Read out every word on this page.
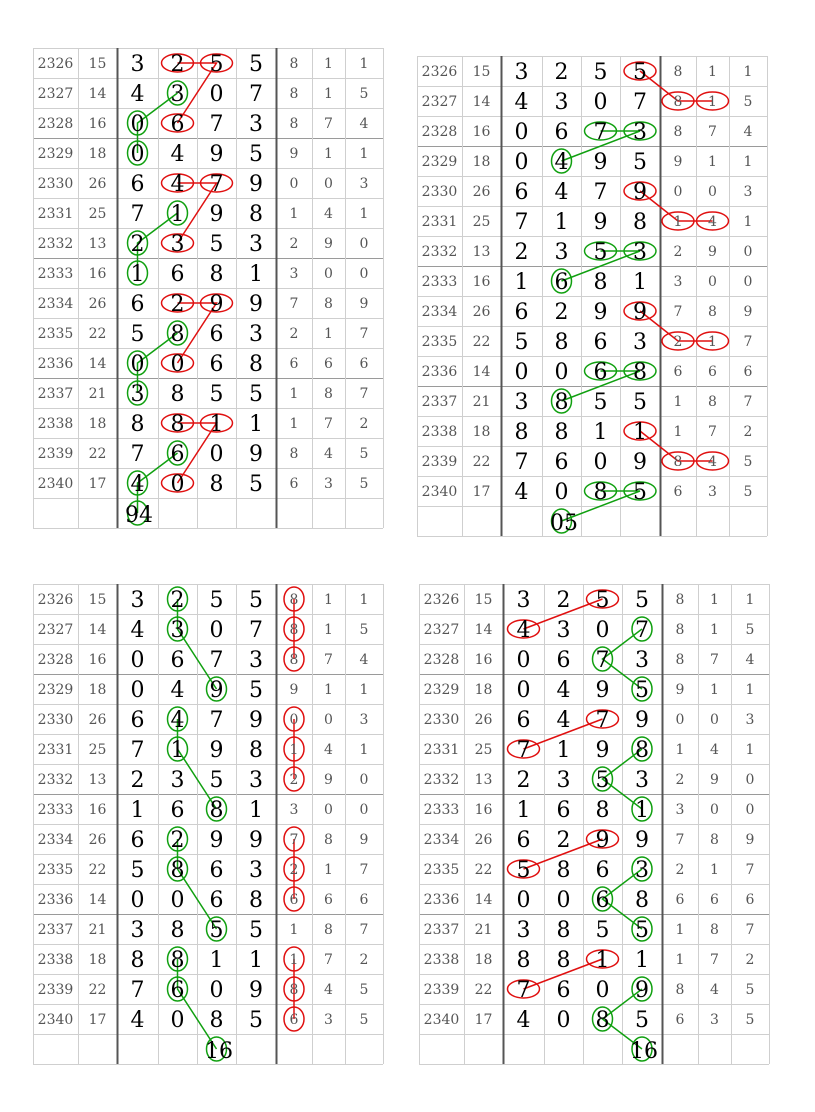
2326 15 3 2 5 5 8 1 1
2327 14 4 3 0 7 8 1 5
2328 16 0 6 7 3 8 7 4
2329 18 0 4 9 5 9 1 1
2330 26 6 4 7 9 0 0 3
2331 25 7 1 9 8 1 4 1
2332 13 2 3 5 3 2 9 0
2333 16 1 6 8 1 3 0 0
2334 26 6 2 9 9 7 8 9
2335 22 5 8 6 3 2 1 7
2336 14 0 0 6 8 6 6 6
2337 21 3 8 5 5 1 8 7
2338 18 8 8 1 1 1 7 2
2339 22 7 6 0 9 8 4 5
2340 17 4 0 8 5 6 3 5
94
2326 15 3 2 5 5 8 1 1
2327 14 4 3 0 7 8 1 5
2328 16 0 6 7 3 8 7 4
2329 18 0 4 9 5 9 1 1
2330 26 6 4 7 9 0 0 3
2331 25 7 1 9 8 1 4 1
2332 13 2 3 5 3 2 9 0
2333 16 1 6 8 1 3 0 0
2334 26 6 2 9 9 7 8 9
2335 22 5 8 6 3 2 1 7
2336 14 0 0 6 8 6 6 6
2337 21 3 8 5 5 1 8 7
2338 18 8 8 1 1 1 7 2
2339 22 7 6 0 9 8 4 5
2340 17 4 0 8 5 6 3 5
05
2326 15 3 2 5 5 8 1 1
2327 14 4 3 0 7 8 1 5
2328 16 0 6 7 3 8 7 4
2329 18 0 4 9 5 9 1 1
2330 26 6 4 7 9 0 0 3
2331 25 7 1 9 8 1 4 1
2332 13 2 3 5 3 2 9 0
2333 16 1 6 8 1 3 0 0
2334 26 6 2 9 9 7 8 9
2335 22 5 8 6 3 2 1 7
2336 14 0 0 6 8 6 6 6
2337 21 3 8 5 5 1 8 7
2338 18 8 8 1 1 1 7 2
2339 22 7 6 0 9 8 4 5
2340 17 4 0 8 5 6 3 5
16
2326 15 3 2 5 5 8 1 1
2327 14 4 3 0 7 8 1 5
2328 16 0 6 7 3 8 7 4
2329 18 0 4 9 5 9 1 1
2330 26 6 4 7 9 0 0 3
2331 25 7 1 9 8 1 4 1
2332 13 2 3 5 3 2 9 0
2333 16 1 6 8 1 3 0 0
2334 26 6 2 9 9 7 8 9
2335 22 5 8 6 3 2 1 7
2336 14 0 0 6 8 6 6 6
2337 21 3 8 5 5 1 8 7
2338 18 8 8 1 1 1 7 2
2339 22 7 6 0 9 8 4 5
2340 17 4 0 8 5 6 3 5
16
